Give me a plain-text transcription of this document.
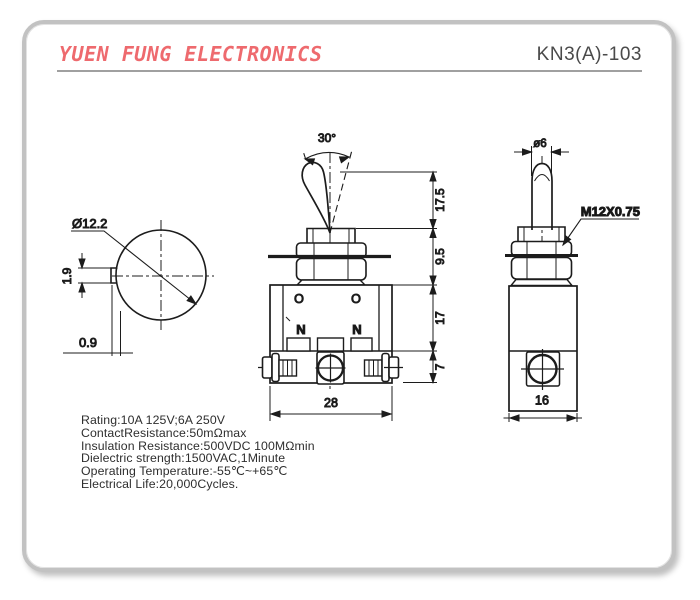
YUEN FUNG ELECTRONICS	KN3(A)-103
1.9
0.9
Ø12.2
30°
O	O
N	N
17.5
9.5
17
7
28
ø6
M12X0.75
16
Rating:10A 125V;6A 250V
ContactResistance:50mΩmax
Insulation Resistance:500VDC 100MΩmin
Dielectric strength:1500VAC,1Minute
Operating Temperature:-55℃~+65℃
Electrical Life:20,000Cycles.
